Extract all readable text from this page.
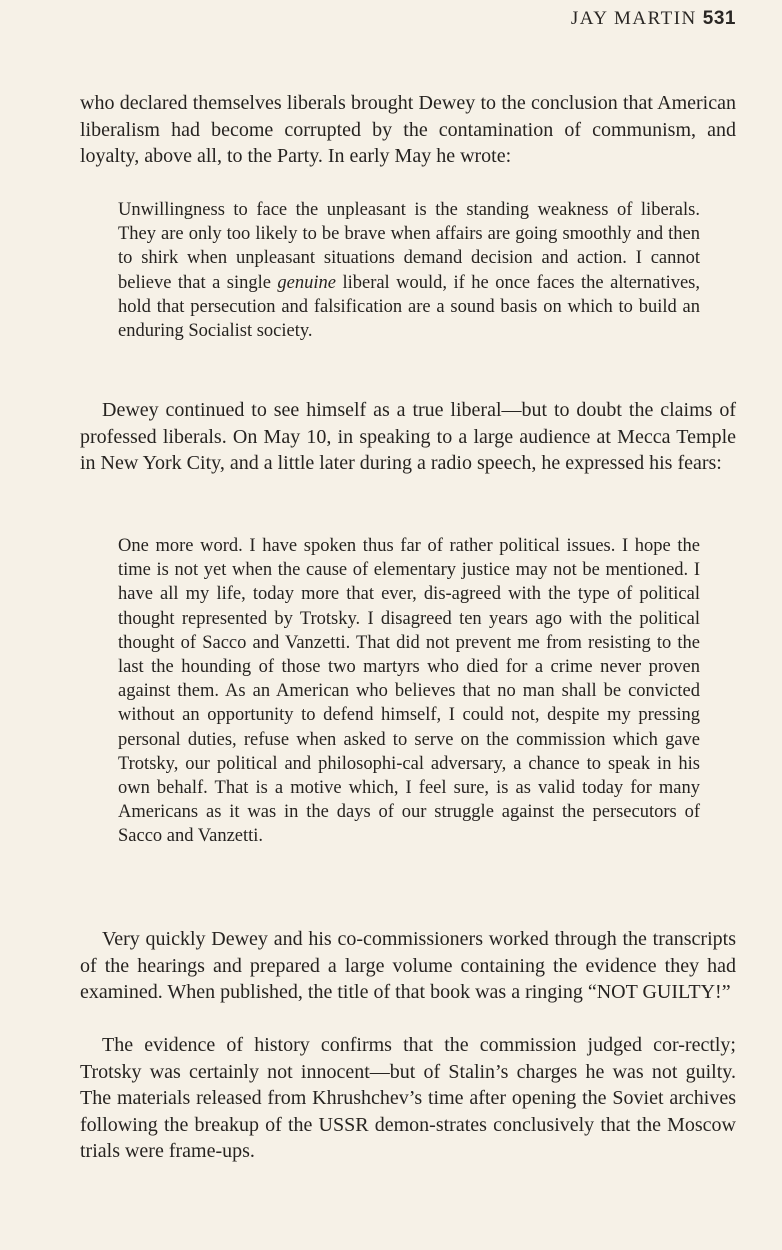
JAY MARTIN 531

who declared themselves liberals brought Dewey to the conclusion that American liberalism had become corrupted by the contamination of communism, and loyalty, above all, to the Party. In early May he wrote:

Unwillingness to face the unpleasant is the standing weakness of liberals. They are only too likely to be brave when affairs are going smoothly and then to shirk when unpleasant situations demand decision and action. I cannot believe that a single genuine liberal would, if he once faces the alternatives, hold that persecution and falsification are a sound basis on which to build an enduring Socialist society.

Dewey continued to see himself as a true liberal—but to doubt the claims of professed liberals. On May 10, in speaking to a large audience at Mecca Temple in New York City, and a little later during a radio speech, he expressed his fears:

One more word. I have spoken thus far of rather political issues. I hope the time is not yet when the cause of elementary justice may not be mentioned. I have all my life, today more that ever, dis-agreed with the type of political thought represented by Trotsky. I disagreed ten years ago with the political thought of Sacco and Vanzetti. That did not prevent me from resisting to the last the hounding of those two martyrs who died for a crime never proven against them. As an American who believes that no man shall be convicted without an opportunity to defend himself, I could not, despite my pressing personal duties, refuse when asked to serve on the commission which gave Trotsky, our political and philosophi-cal adversary, a chance to speak in his own behalf. That is a motive which, I feel sure, is as valid today for many Americans as it was in the days of our struggle against the persecutors of Sacco and Vanzetti.

Very quickly Dewey and his co-commissioners worked through the transcripts of the hearings and prepared a large volume containing the evidence they had examined. When published, the title of that book was a ringing “NOT GUILTY!”

The evidence of history confirms that the commission judged cor-rectly; Trotsky was certainly not innocent—but of Stalin’s charges he was not guilty. The materials released from Khrushchev’s time after opening the Soviet archives following the breakup of the USSR demon-strates conclusively that the Moscow trials were frame-ups.
